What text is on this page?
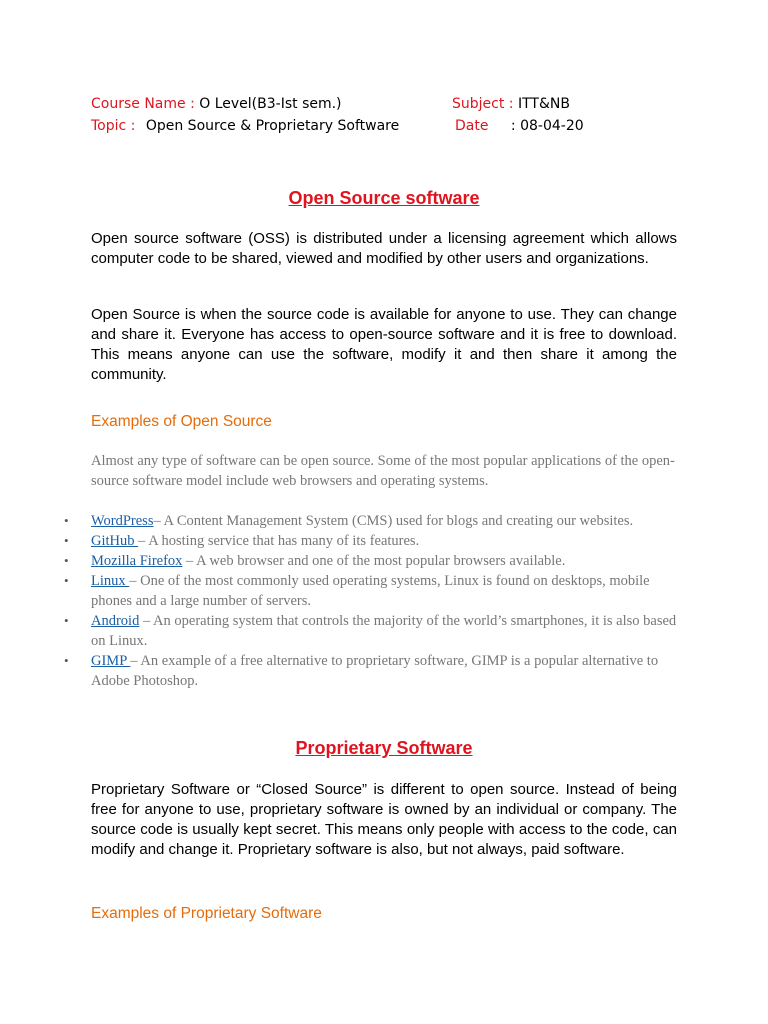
Course Name : O Level(B3-Ist sem.)	Subject : ITT&NB
Topic : Open Source & Proprietary Software	Date : 08-04-20
Open Source software

Open source software (OSS) is distributed under a licensing agreement which allows computer code to be shared, viewed and modified by other users and organizations.

Open Source is when the source code is available for anyone to use. They can change and share it. Everyone has access to open-source software and it is free to download. This means anyone can use the software, modify it and then share it among the community.

Examples of Open Source

Almost any type of software can be open source. Some of the most popular applications of the open-source software model include web browsers and operating systems.

• WordPress– A Content Management System (CMS) used for blogs and creating our websites.
• GitHub – A hosting service that has many of its features.
• Mozilla Firefox – A web browser and one of the most popular browsers available.
• Linux – One of the most commonly used operating systems, Linux is found on desktops, mobile phones and a large number of servers.
• Android – An operating system that controls the majority of the world’s smartphones, it is also based on Linux.
• GIMP – An example of a free alternative to proprietary software, GIMP is a popular alternative to Adobe Photoshop.
Proprietary Software

Proprietary Software or “Closed Source” is different to open source. Instead of being free for anyone to use, proprietary software is owned by an individual or company. The source code is usually kept secret. This means only people with access to the code, can modify and change it. Proprietary software is also, but not always, paid software.

Examples of Proprietary Software
